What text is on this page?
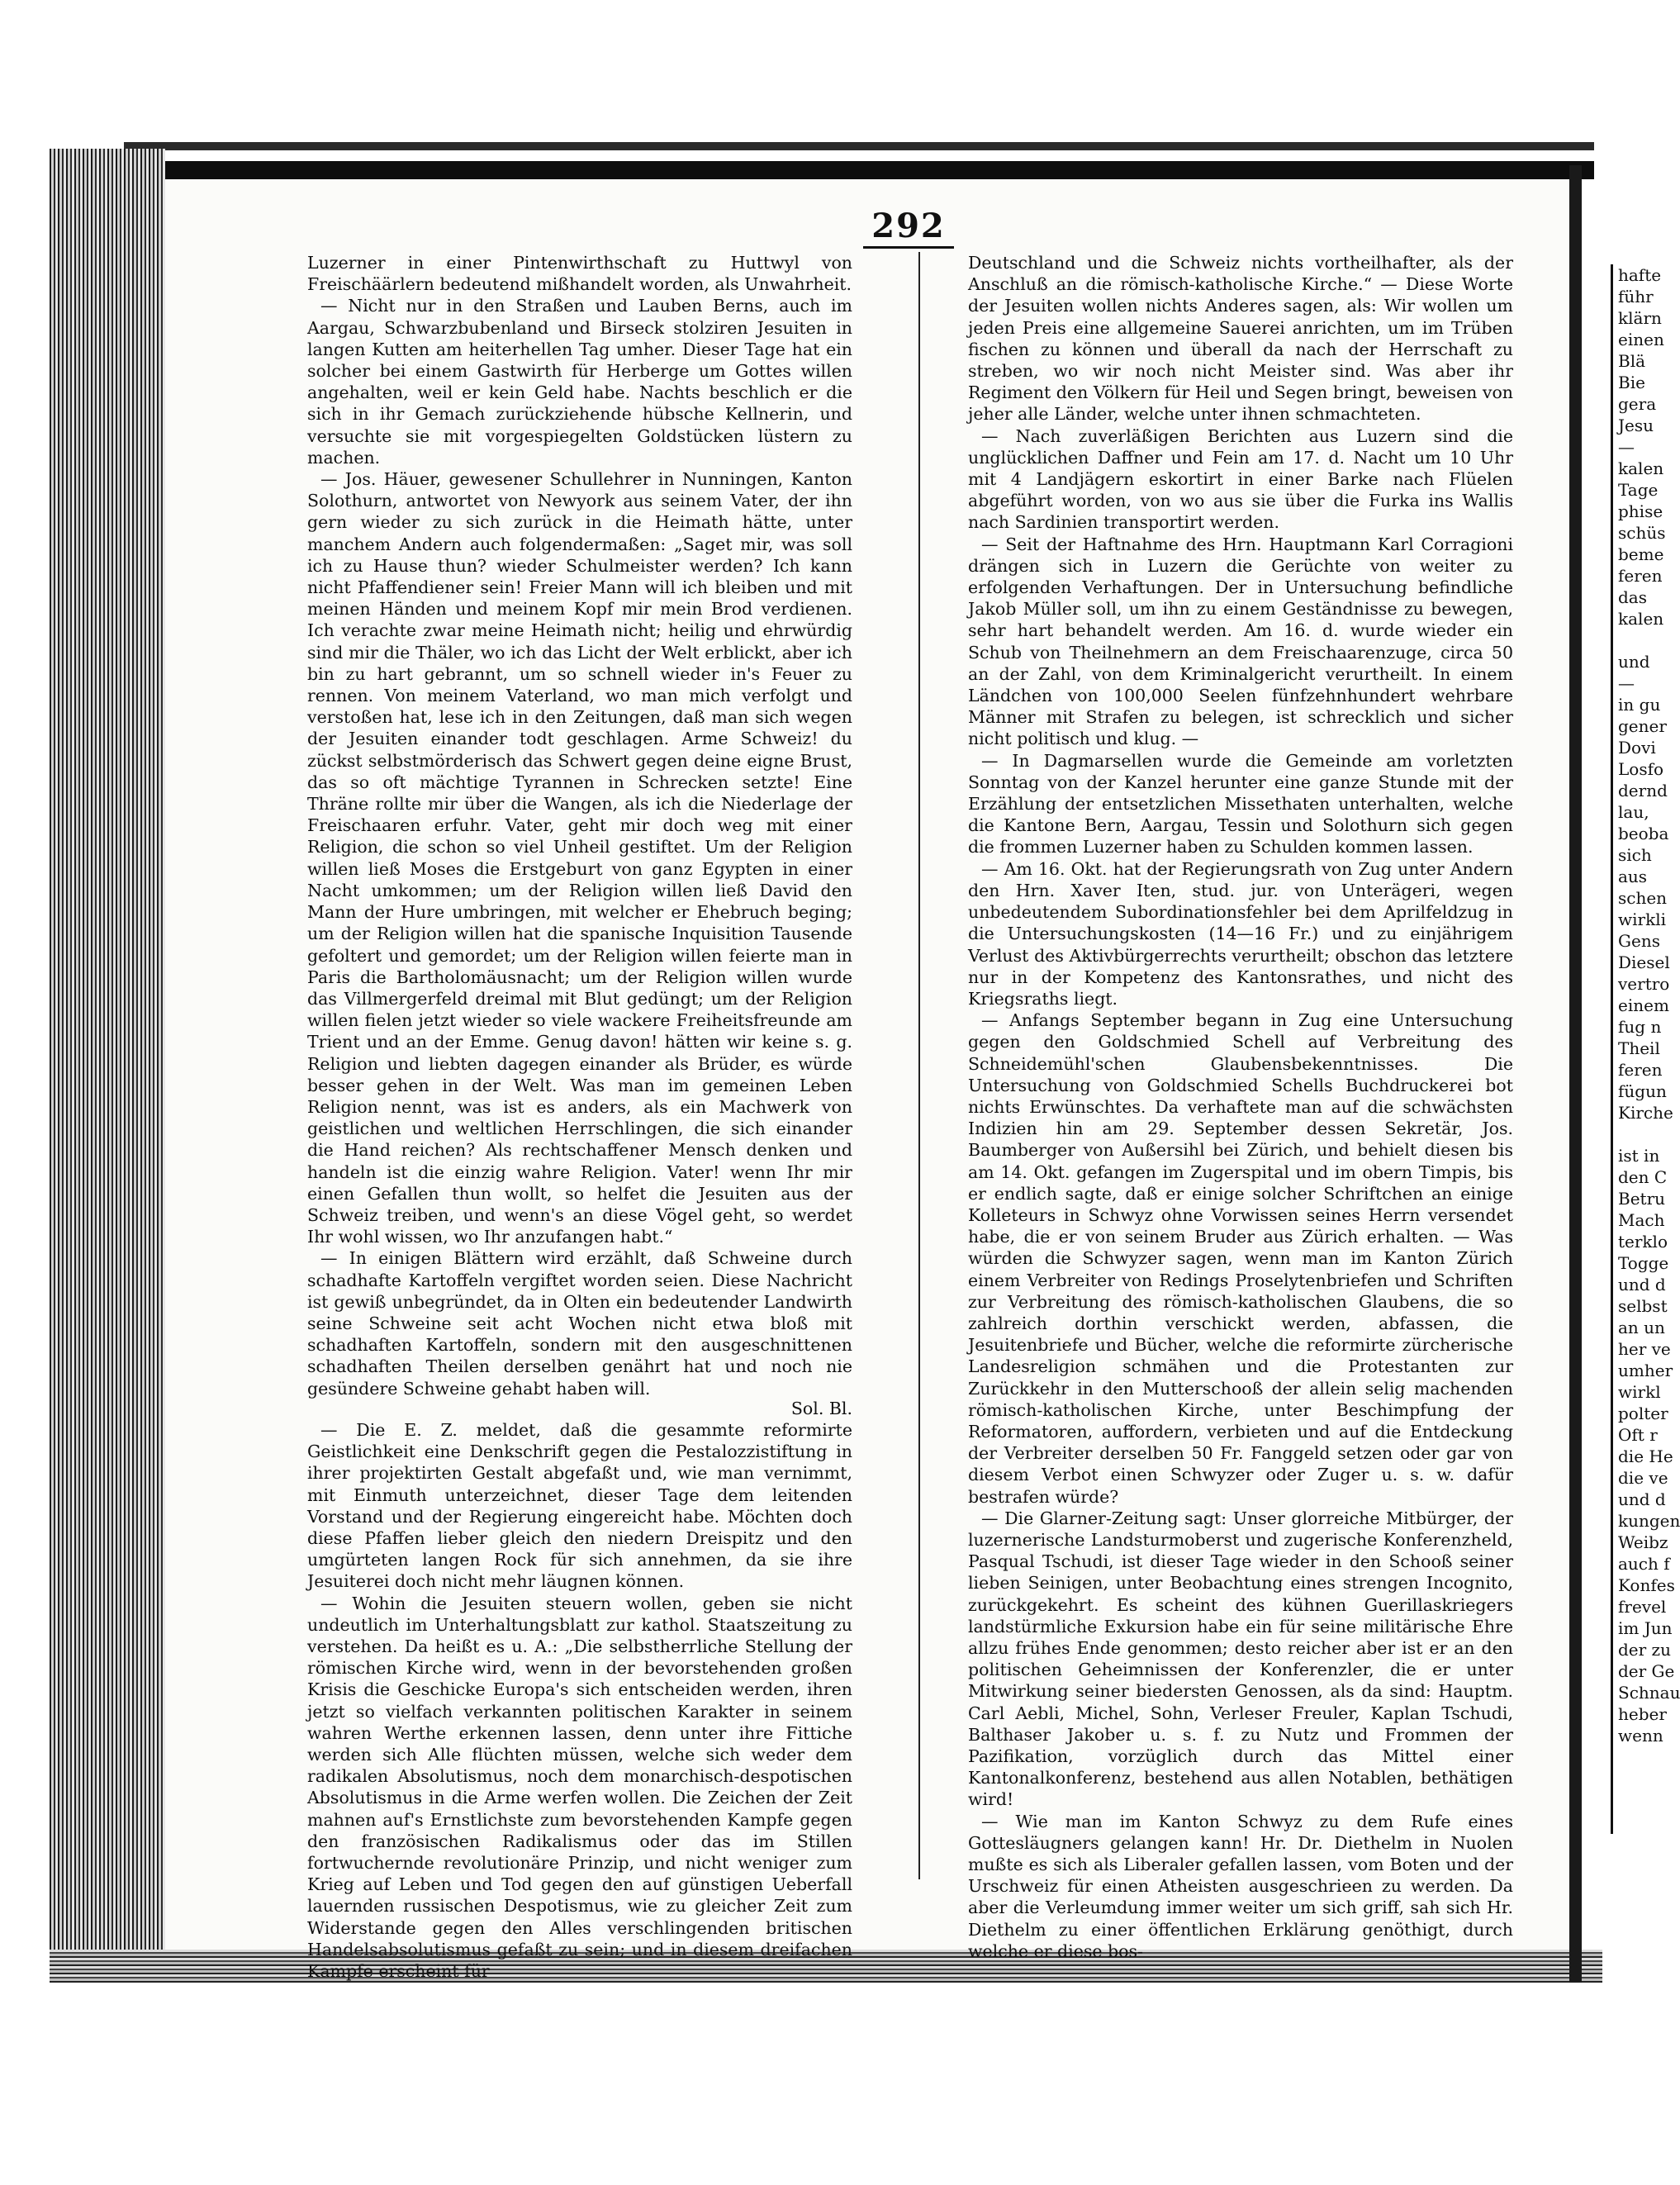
292

Luzerner in einer Pintenwirthschaft zu Huttwyl von Freischäärlern bedeutend mißhandelt worden, als Unwahrheit.

— Nicht nur in den Straßen und Lauben Berns, auch im Aargau, Schwarzbubenland und Birseck stolziren Jesuiten in langen Kutten am heiterhellen Tag umher. Dieser Tage hat ein solcher bei einem Gastwirth für Herberge um Gottes willen angehalten, weil er kein Geld habe. Nachts beschlich er die sich in ihr Gemach zurückziehende hübsche Kellnerin, und versuchte sie mit vorgespiegelten Goldstücken lüstern zu machen.

— Jos. Häuer, gewesener Schullehrer in Nunningen, Kanton Solothurn, antwortet von Newyork aus seinem Vater, der ihn gern wieder zu sich zurück in die Heimath hätte, unter manchem Andern auch folgendermaßen: „Saget mir, was soll ich zu Hause thun? wieder Schulmeister werden? Ich kann nicht Pfaffendiener sein! Freier Mann will ich bleiben und mit meinen Händen und meinem Kopf mir mein Brod verdienen. Ich verachte zwar meine Heimath nicht; heilig und ehrwürdig sind mir die Thäler, wo ich das Licht der Welt erblickt, aber ich bin zu hart gebrannt, um so schnell wieder in's Feuer zu rennen. Von meinem Vaterland, wo man mich verfolgt und verstoßen hat, lese ich in den Zeitungen, daß man sich wegen der Jesuiten einander todt geschlagen. Arme Schweiz! du zückst selbstmörderisch das Schwert gegen deine eigne Brust, das so oft mächtige Tyrannen in Schrecken setzte! Eine Thräne rollte mir über die Wangen, als ich die Niederlage der Freischaaren erfuhr. Vater, geht mir doch weg mit einer Religion, die schon so viel Unheil gestiftet. Um der Religion willen ließ Moses die Erstgeburt von ganz Egypten in einer Nacht umkommen; um der Religion willen ließ David den Mann der Hure umbringen, mit welcher er Ehebruch beging; um der Religion willen hat die spanische Inquisition Tausende gefoltert und gemordet; um der Religion willen feierte man in Paris die Bartholomäusnacht; um der Religion willen wurde das Villmergerfeld dreimal mit Blut gedüngt; um der Religion willen fielen jetzt wieder so viele wackere Freiheitsfreunde am Trient und an der Emme. Genug davon! hätten wir keine s. g. Religion und liebten dagegen einander als Brüder, es würde besser gehen in der Welt. Was man im gemeinen Leben Religion nennt, was ist es anders, als ein Machwerk von geistlichen und weltlichen Herrschlingen, die sich einander die Hand reichen? Als rechtschaffener Mensch denken und handeln ist die einzig wahre Religion. Vater! wenn Ihr mir einen Gefallen thun wollt, so helfet die Jesuiten aus der Schweiz treiben, und wenn's an diese Vögel geht, so werdet Ihr wohl wissen, wo Ihr anzufangen habt.“

— In einigen Blättern wird erzählt, daß Schweine durch schadhafte Kartoffeln vergiftet worden seien. Diese Nachricht ist gewiß unbegründet, da in Olten ein bedeutender Landwirth seine Schweine seit acht Wochen nicht etwa bloß mit schadhaften Kartoffeln, sondern mit den ausgeschnittenen schadhaften Theilen derselben genährt hat und noch nie gesündere Schweine gehabt haben will.

Sol. Bl.

— Die E. Z. meldet, daß die gesammte reformirte Geistlichkeit eine Denkschrift gegen die Pestalozzistiftung in ihrer projektirten Gestalt abgefaßt und, wie man vernimmt, mit Einmuth unterzeichnet, dieser Tage dem leitenden Vorstand und der Regierung eingereicht habe. Möchten doch diese Pfaffen lieber gleich den niedern Dreispitz und den umgürteten langen Rock für sich annehmen, da sie ihre Jesuiterei doch nicht mehr läugnen können.

— Wohin die Jesuiten steuern wollen, geben sie nicht undeutlich im Unterhaltungsblatt zur kathol. Staatszeitung zu verstehen. Da heißt es u. A.: „Die selbstherrliche Stellung der römischen Kirche wird, wenn in der bevorstehenden großen Krisis die Geschicke Europa's sich entscheiden werden, ihren jetzt so vielfach verkannten politischen Karakter in seinem wahren Werthe erkennen lassen, denn unter ihre Fittiche werden sich Alle flüchten müssen, welche sich weder dem radikalen Absolutismus, noch dem monarchisch-despotischen Absolutismus in die Arme werfen wollen. Die Zeichen der Zeit mahnen auf's Ernstlichste zum bevorstehenden Kampfe gegen den französischen Radikalismus oder das im Stillen fortwuchernde revolutionäre Prinzip, und nicht weniger zum Krieg auf Leben und Tod gegen den auf günstigen Ueberfall lauernden russischen Despotismus, wie zu gleicher Zeit zum Widerstande gegen den Alles verschlingenden britischen Handelsabsolutismus gefaßt zu sein; und in diesem dreifachen Kampfe erscheint für

Deutschland und die Schweiz nichts vortheilhafter, als der Anschluß an die römisch-katholische Kirche.“ — Diese Worte der Jesuiten wollen nichts Anderes sagen, als: Wir wollen um jeden Preis eine allgemeine Sauerei anrichten, um im Trüben fischen zu können und überall da nach der Herrschaft zu streben, wo wir noch nicht Meister sind. Was aber ihr Regiment den Völkern für Heil und Segen bringt, beweisen von jeher alle Länder, welche unter ihnen schmachteten.

— Nach zuverläßigen Berichten aus Luzern sind die unglücklichen Daffner und Fein am 17. d. Nacht um 10 Uhr mit 4 Landjägern eskortirt in einer Barke nach Flüelen abgeführt worden, von wo aus sie über die Furka ins Wallis nach Sardinien transportirt werden.

— Seit der Haftnahme des Hrn. Hauptmann Karl Corragioni drängen sich in Luzern die Gerüchte von weiter zu erfolgenden Verhaftungen. Der in Untersuchung befindliche Jakob Müller soll, um ihn zu einem Geständnisse zu bewegen, sehr hart behandelt werden. Am 16. d. wurde wieder ein Schub von Theilnehmern an dem Freischaarenzuge, circa 50 an der Zahl, von dem Kriminalgericht verurtheilt. In einem Ländchen von 100,000 Seelen fünfzehnhundert wehrbare Männer mit Strafen zu belegen, ist schrecklich und sicher nicht politisch und klug. —

— In Dagmarsellen wurde die Gemeinde am vorletzten Sonntag von der Kanzel herunter eine ganze Stunde mit der Erzählung der entsetzlichen Missethaten unterhalten, welche die Kantone Bern, Aargau, Tessin und Solothurn sich gegen die frommen Luzerner haben zu Schulden kommen lassen.

— Am 16. Okt. hat der Regierungsrath von Zug unter Andern den Hrn. Xaver Iten, stud. jur. von Unterägeri, wegen unbedeutendem Subordinationsfehler bei dem Aprilfeldzug in die Untersuchungskosten (14—16 Fr.) und zu einjährigem Verlust des Aktivbürgerrechts verurtheilt; obschon das letztere nur in der Kompetenz des Kantonsrathes, und nicht des Kriegsraths liegt.

— Anfangs September begann in Zug eine Untersuchung gegen den Goldschmied Schell auf Verbreitung des Schneidemühl'schen Glaubensbekenntnisses. Die Untersuchung von Goldschmied Schells Buchdruckerei bot nichts Erwünschtes. Da verhaftete man auf die schwächsten Indizien hin am 29. September dessen Sekretär, Jos. Baumberger von Außersihl bei Zürich, und behielt diesen bis am 14. Okt. gefangen im Zugerspital und im obern Timpis, bis er endlich sagte, daß er einige solcher Schriftchen an einige Kolleteurs in Schwyz ohne Vorwissen seines Herrn versendet habe, die er von seinem Bruder aus Zürich erhalten. — Was würden die Schwyzer sagen, wenn man im Kanton Zürich einem Verbreiter von Redings Proselytenbriefen und Schriften zur Verbreitung des römisch-katholischen Glaubens, die so zahlreich dorthin verschickt werden, abfassen, die Jesuitenbriefe und Bücher, welche die reformirte zürcherische Landesreligion schmähen und die Protestanten zur Zurückkehr in den Mutterschooß der allein selig machenden römisch-katholischen Kirche, unter Beschimpfung der Reformatoren, auffordern, verbieten und auf die Entdeckung der Verbreiter derselben 50 Fr. Fanggeld setzen oder gar von diesem Verbot einen Schwyzer oder Zuger u. s. w. dafür bestrafen würde?

— Die Glarner-Zeitung sagt: Unser glorreiche Mitbürger, der luzernerische Landsturmoberst und zugerische Konferenzheld, Pasqual Tschudi, ist dieser Tage wieder in den Schooß seiner lieben Seinigen, unter Beobachtung eines strengen Incognito, zurückgekehrt. Es scheint des kühnen Guerillaskriegers landstürmliche Exkursion habe ein für seine militärische Ehre allzu frühes Ende genommen; desto reicher aber ist er an den politischen Geheimnissen der Konferenzler, die er unter Mitwirkung seiner biedersten Genossen, als da sind: Hauptm. Carl Aebli, Michel, Sohn, Verleser Freuler, Kaplan Tschudi, Balthaser Jakober u. s. f. zu Nutz und Frommen der Pazifikation, vorzüglich durch das Mittel einer Kantonalkonferenz, bestehend aus allen Notablen, bethätigen wird!

— Wie man im Kanton Schwyz zu dem Rufe eines Gottesläugners gelangen kann! Hr. Dr. Diethelm in Nuolen mußte es sich als Liberaler gefallen lassen, vom Boten und der Urschweiz für einen Atheisten ausgeschrieen zu werden. Da aber die Verleumdung immer weiter um sich griff, sah sich Hr. Diethelm zu einer öffentlichen Erklärung genöthigt, durch welche er diese bos-

hafte
führ
klärn
einen
Blä
Bie
gera
Jesu
—
kalen
Tage
phise
schüs
beme
feren
das
kalen

und
—
in gu
gener
Dovi
Losfo
dernd
lau,
beoba
sich
aus
schen
wirkli
Gens
Diesel
vertro
einem
fug n
Theil
feren
fügun
Kirche

ist in
den C
Betru
Mach
terklo
Togge
und d
selbst
an un
her ve
umher
wirkl
polter
Oft r
die He
die ve
und d
kungen
Weibz
auch f
Konfes
frevel
im Jun
der zu
der Ge
Schnau
heber
wenn
